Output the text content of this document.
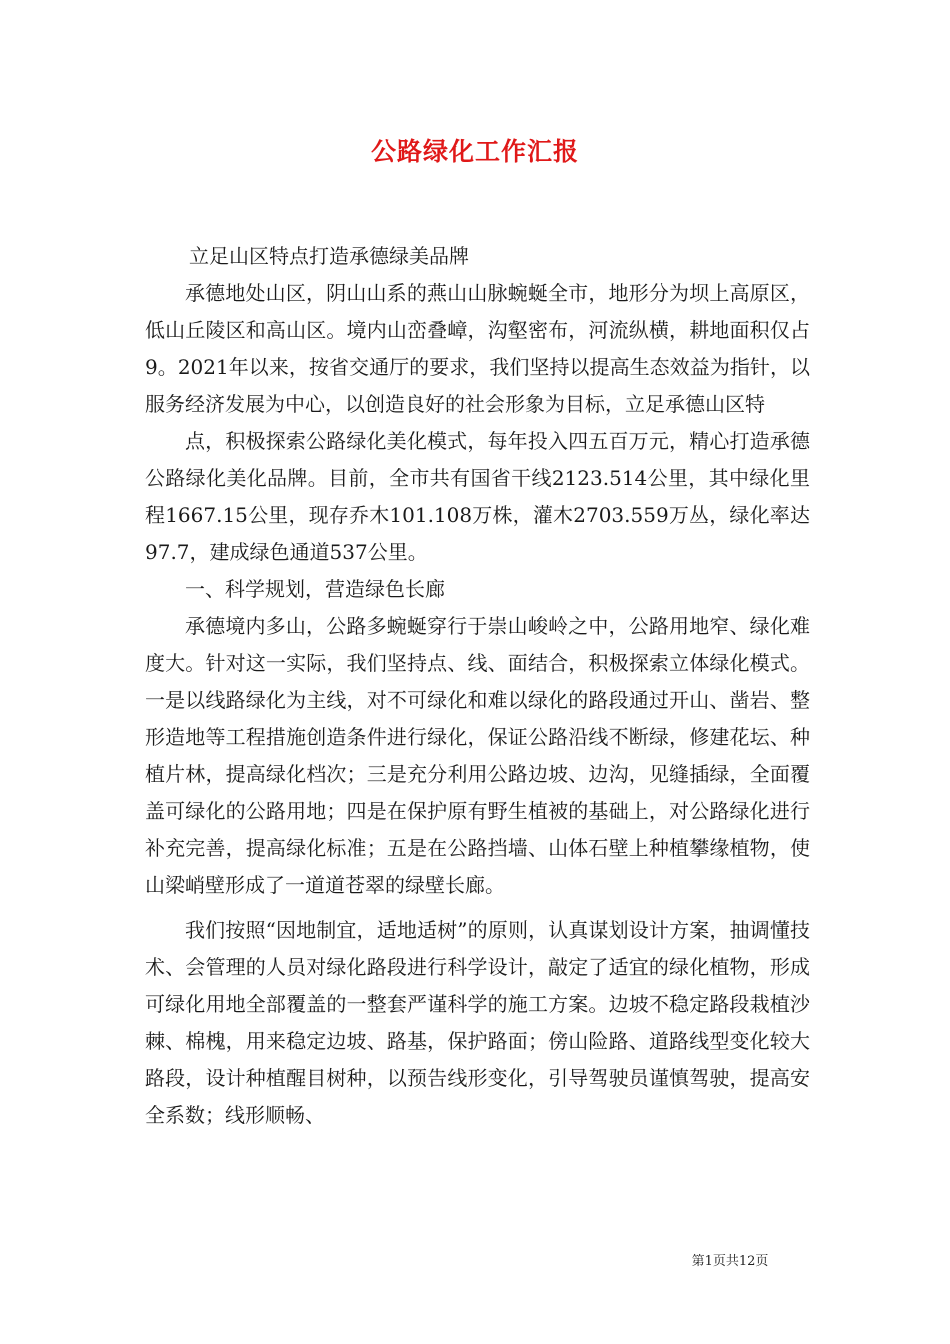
公路绿化工作汇报

立足山区特点打造承德绿美品牌

承德地处山区，阴山山系的燕山山脉蜿蜒全市，地形分为坝上高原区，低山丘陵区和高山区。境内山峦叠嶂，沟壑密布，河流纵横，耕地面积仅占9。2021年以来，按省交通厅的要求，我们坚持以提高生态效益为指针，以服务经济发展为中心，以创造良好的社会形象为目标，立足承德山区特

点，积极探索公路绿化美化模式，每年投入四五百万元，精心打造承德公路绿化美化品牌。目前，全市共有国省干线2123.514公里，其中绿化里程1667.15公里，现存乔木101.108万株，灌木2703.559万丛，绿化率达97.7，建成绿色通道537公里。

一、科学规划，营造绿色长廊

承德境内多山，公路多蜿蜒穿行于崇山峻岭之中，公路用地窄、绿化难度大。针对这一实际，我们坚持点、线、面结合，积极探索立体绿化模式。一是以线路绿化为主线，对不可绿化和难以绿化的路段通过开山、凿岩、整形造地等工程措施创造条件进行绿化，保证公路沿线不断绿，修建花坛、种植片林，提高绿化档次；三是充分利用公路边坡、边沟，见缝插绿，全面覆盖可绿化的公路用地；四是在保护原有野生植被的基础上，对公路绿化进行补充完善，提高绿化标准；五是在公路挡墙、山体石壁上种植攀缘植物，使山梁峭壁形成了一道道苍翠的绿壁长廊。

我们按照“因地制宜，适地适树”的原则，认真谋划设计方案，抽调懂技术、会管理的人员对绿化路段进行科学设计，敲定了适宜的绿化植物，形成可绿化用地全部覆盖的一整套严谨科学的施工方案。边坡不稳定路段栽植沙棘、棉槐，用来稳定边坡、路基，保护路面；傍山险路、道路线型变化较大路段，设计种植醒目树种，以预告线形变化，引导驾驶员谨慎驾驶，提高安全系数；线形顺畅、

第1页共12页
